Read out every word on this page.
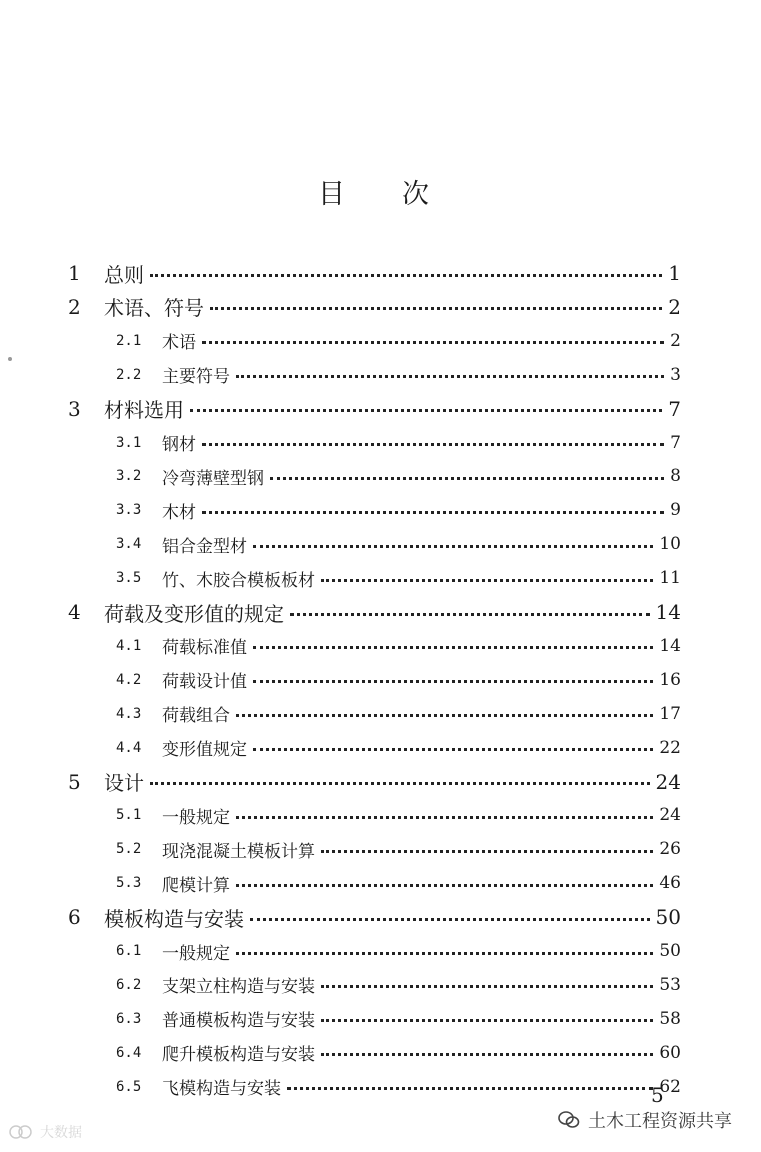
目 次
1	总则	1
2	术语、符号	2
2.1	术语	2
2.2	主要符号	3
3	材料选用	7
3.1	钢材	7
3.2	冷弯薄壁型钢	8
3.3	木材	9
3.4	铝合金型材	10
3.5	竹、木胶合模板板材	11
4	荷载及变形值的规定	14
4.1	荷载标准值	14
4.2	荷载设计值	16
4.3	荷载组合	17
4.4	变形值规定	22
5	设计	24
5.1	一般规定	24
5.2	现浇混凝土模板计算	26
5.3	爬模计算	46
6	模板构造与安装	50
6.1	一般规定	50
6.2	支架立柱构造与安装	53
6.3	普通模板构造与安装	58
6.4	爬升模板构造与安装	60
6.5	飞模构造与安装	62
5
土木工程资源共享
大数据
